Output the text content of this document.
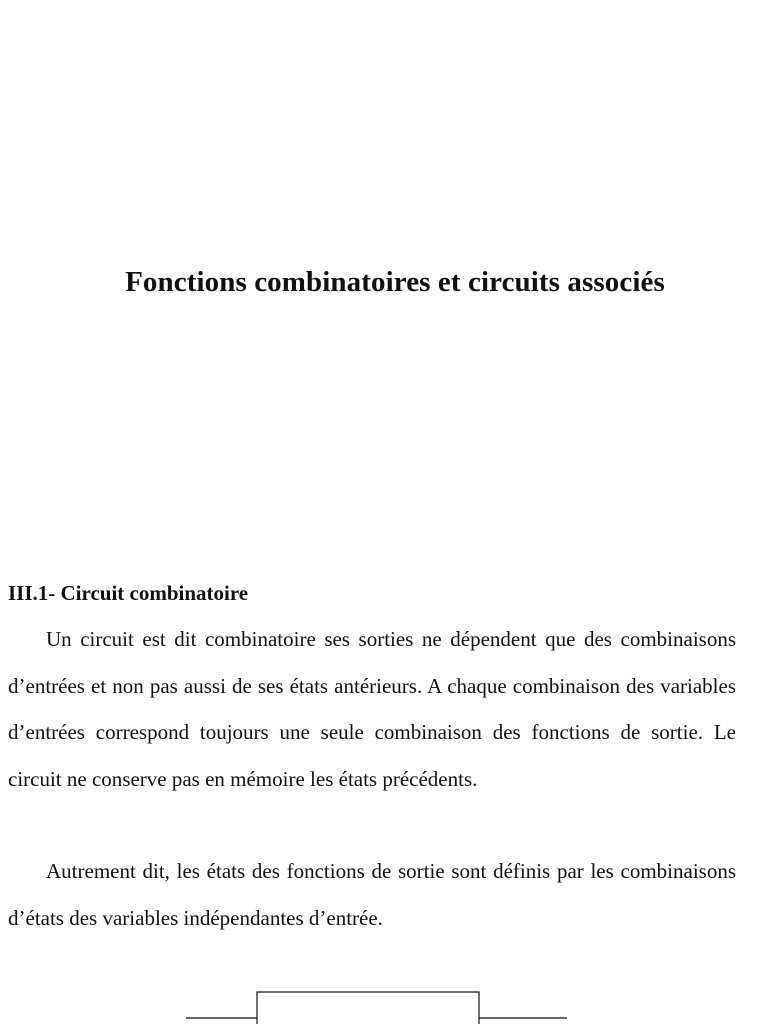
Fonctions combinatoires et circuits associés
III.1- Circuit combinatoire

Un circuit est dit combinatoire ses sorties ne dépendent que des combinaisons d’entrées et non pas aussi de ses états antérieurs. A chaque combinaison des variables d’entrées correspond toujours une seule combinaison des fonctions de sortie. Le circuit ne conserve pas en mémoire les états précédents.

Autrement dit, les états des fonctions de sortie sont définis par les combinaisons d’états des variables indépendantes d’entrée.
